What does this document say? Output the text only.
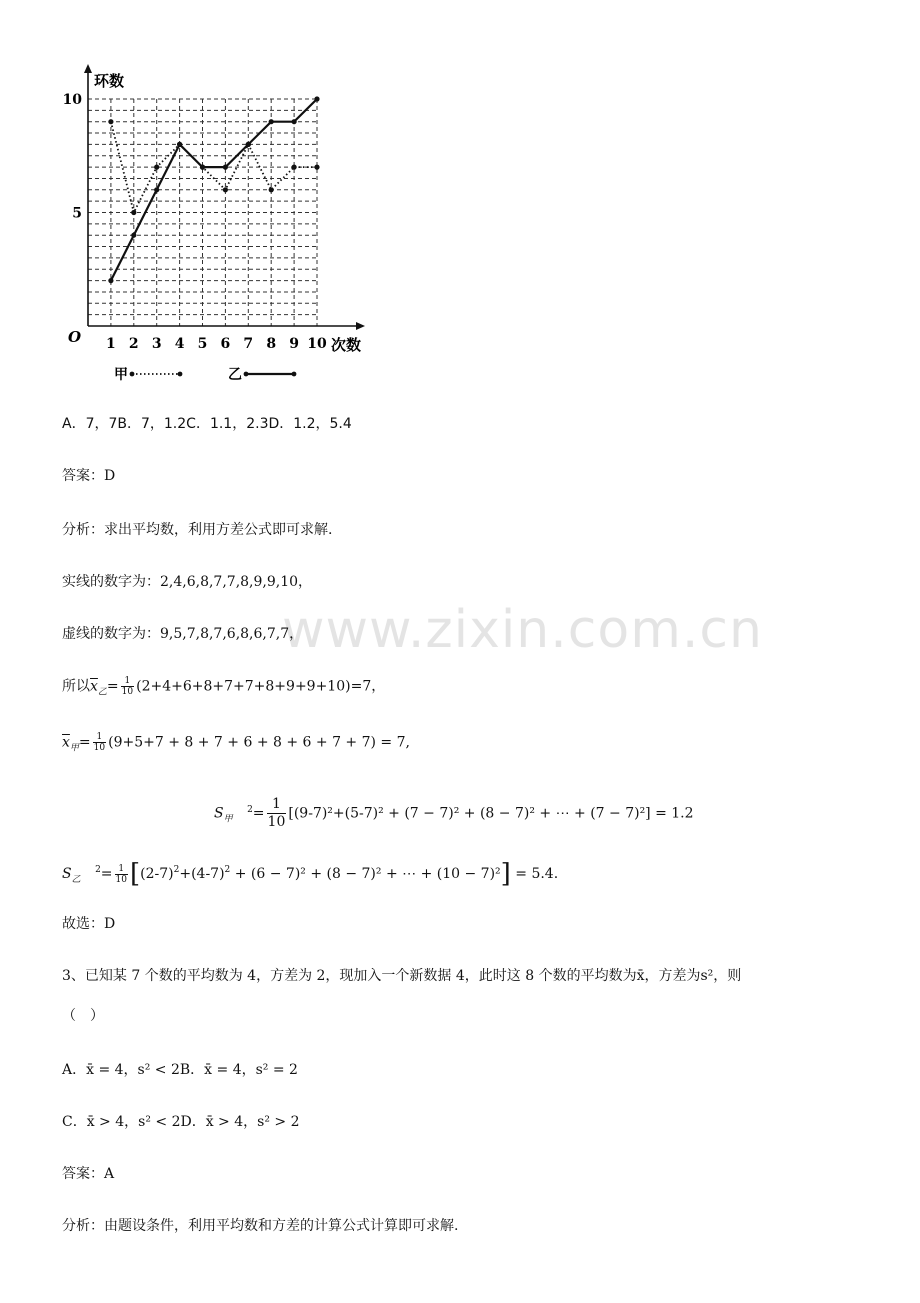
环数
次数
O 1 2 3 4 5 6 7 8 9 10
5
10
甲	乙
www.zixin.com.cn
A．7，7B．7，1.2C．1.1，2.3D．1.2，5.4
答案：D
分析：求出平均数，利用方差公式即可求解.
实线的数字为：2,4,6,8,7,7,8,9,9,10，
虚线的数字为：9,5,7,8,7,6,8,6,7,7，
所以$\overline{x}_乙= \frac{1}{10} (2+4+6+8+7+7+8+9+9+10)=7$，
$\overline{x}_甲= \frac{1}{10} (9+5+7 + 8 + 7 + 6 + 8 + 6 + 7 + 7) = 7$,
$S_甲$ $^2= \frac{1}{10} [(9-7)^2+(5-7)^2 + (7 - 7)^2 + (8 - 7)^2$ + ⋯ + (7 − 7)²] = 1.2
$S_乙$ $^2= \frac{1}{10} [(2-7)^2+(4-7)^2 + (6 - 7)^2 + (8 - 7)^2$ + ⋯ + (10 − 7)²] = 5.4.
故选：D
3、已知某 7 个数的平均数为 4，方差为 2，现加入一个新数据 4，此时这 8 个数的平均数为x̄，方差为s²，则
（　）
A．x̄ = 4，s² < 2B．x̄ = 4，s² = 2
C．x̄ > 4，s² < 2D．x̄ > 4，s² > 2
答案：A
分析：由题设条件，利用平均数和方差的计算公式计算即可求解.
